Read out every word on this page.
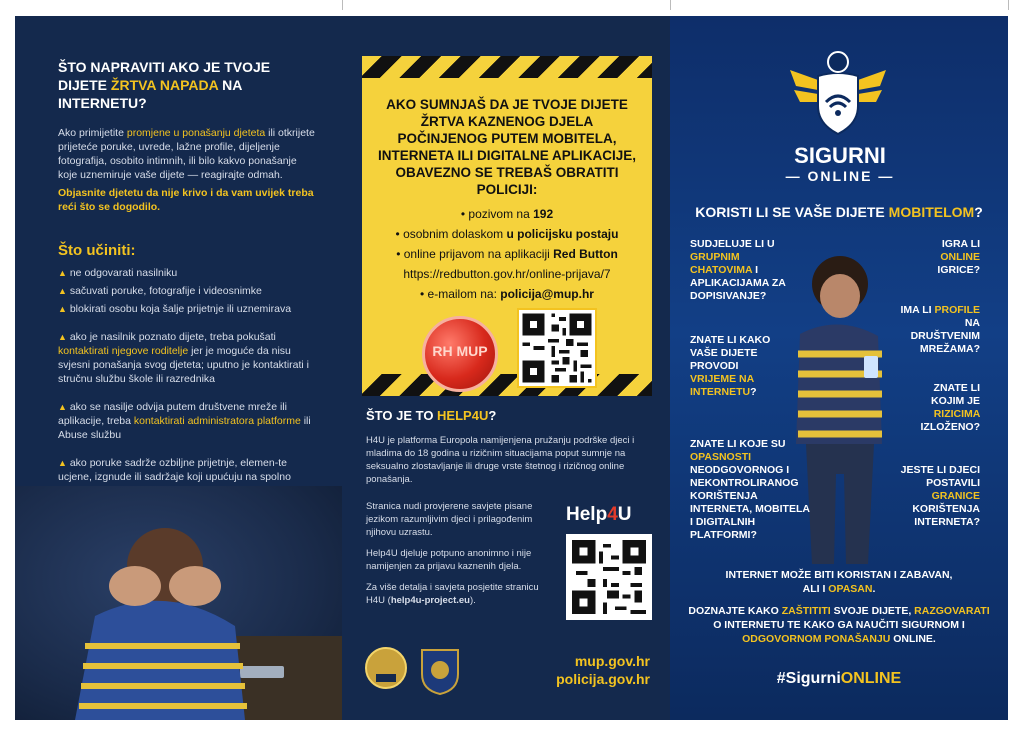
ŠTO NAPRAVITI AKO JE TVOJE DIJETE ŽRTVA NAPADA NA INTERNETU?
Ako primijetite promjene u ponašanju djeteta ili otkrijete prijeteće poruke, uvrede, lažne profile, dijeljenje fotografija, osobito intimnih, ili bilo kakvo ponašanje koje uznemiruje vaše dijete — reagirajte odmah.
Objasnite djetetu da nije krivo i da vam uvijek treba reći što se dogodilo.
Što učiniti:
▲ ne odgovarati nasilniku
▲ sačuvati poruke, fotografije i videosnimke
▲ blokirati osobu koja šalje prijetnje ili uznemirava
▲ ako je nasilnik poznato dijete, treba pokušati kontaktirati njegove roditelje jer je moguće da nisu svjesni ponašanja svog djeteta; uputno je kontaktirati i stručnu službu škole ili razrednika
▲ ako se nasilje odvija putem društvene mreže ili aplikacije, treba kontaktirati administratora platforme ili Abuse službu
▲ ako poruke sadrže ozbiljne prijetnje, elemen-te ucjene, izgnude ili sadržaje koji upućuju na spolno
AKO SUMNJAŠ DA JE TVOJE DIJETE ŽRTVA KAZNENOG DJELA POČINJENOG PUTEM MOBITELA, INTERNETA ILI DIGITALNE APLIKACIJE, OBAVEZNO SE TREBAŠ OBRATITI POLICIJI:
• pozivom na 192
• osobnim dolaskom u policijsku postaju
• online prijavom na aplikaciji Red Button
https://redbutton.gov.hr/online-prijava/7
• e-mailom na: policija@mup.hr
RH MUP
ŠTO JE TO HELP4U?
H4U je platforma Europola namijenjena pružanju podrške djeci i mladima do 18 godina u rizičnim situacijama poput sumnje na seksualno zlostavljanje ili druge vrste štetnog i rizičnog online ponašanja.
Stranica nudi provjerene savjete pisane jezikom razumljivim djeci i prilagođenim njihovu uzrastu.
Help4U djeluje potpuno anonimno i nije namijenjen za prijavu kaznenih djela.
Za više detalja i savjeta posjetite stranicu H4U (help4u-project.eu).
Help4U
mup.gov.hr
policija.gov.hr
SIGURNI
— ONLINE —
KORISTI LI SE VAŠE DIJETE MOBITELOM?
SUDJELUJE LI U GRUPNIM CHATOVIMA I APLIKACIJAMA ZA DOPISIVANJE?
IGRA LI ONLINE IGRICE?
IMA LI PROFILE NA DRUŠTVENIM MREŽAMA?
ZNATE LI KAKO VAŠE DIJETE PROVODI VRIJEME NA INTERNETU?	ZNATE LI KOJIM JE RIZICIMA IZLOŽENO?
ZNATE LI KOJE SU OPASNOSTI NEODGOVORNOG I NEKONTROLIRANOG KORIŠTENJA INTERNETA, MOBITELA I DIGITALNIH PLATFORMI?
JESTE LI DJECI POSTAVILI GRANICE KORIŠTENJA INTERNETA?
INTERNET MOŽE BITI KORISTAN I ZABAVAN, ALI I OPASAN.
DOZNAJTE KAKO ZAŠTITITI SVOJE DIJETE, RAZGOVARATI O INTERNETU TE KAKO GA NAUČITI SIGURNOM I ODGOVORNOM PONAŠANJU ONLINE.
#SigurniONLINE
